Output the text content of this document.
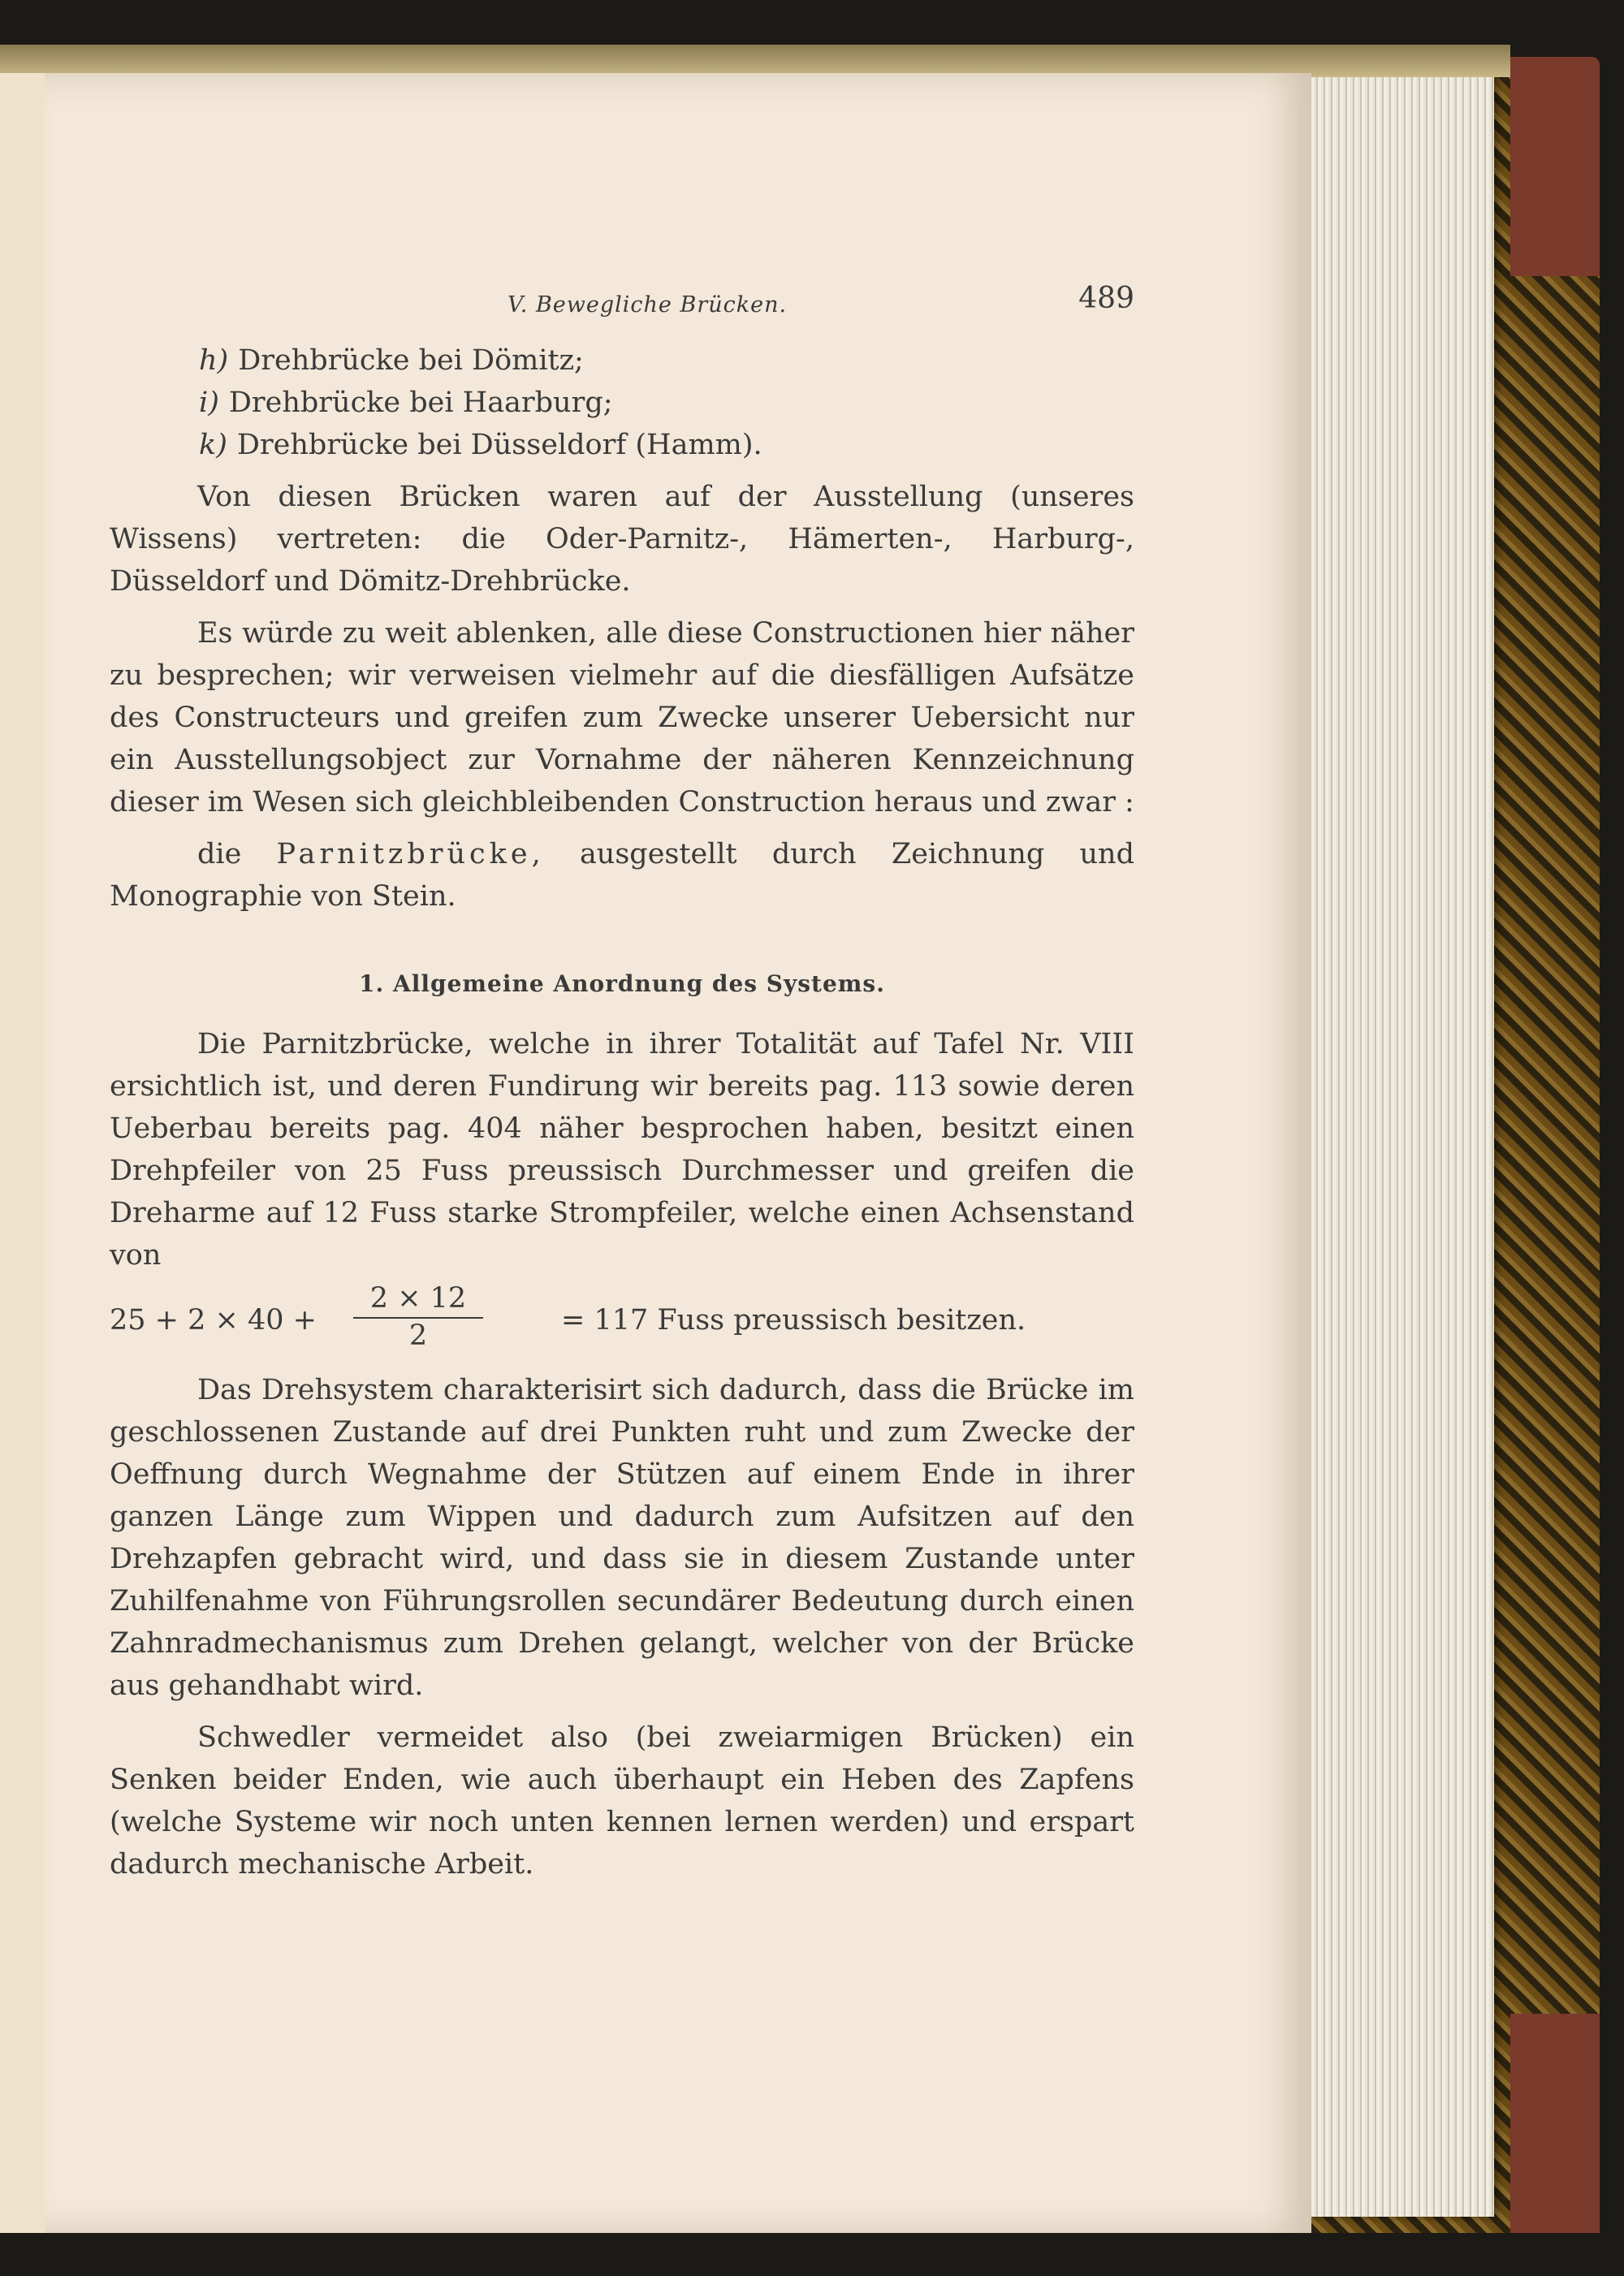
V. Bewegliche Brücken.	489
h) Drehbrücke bei Dömitz;
i) Drehbrücke bei Haarburg;
k) Drehbrücke bei Düsseldorf (Hamm).

Von diesen Brücken waren auf der Ausstellung (unseres Wissens) vertreten: die Oder-Parnitz-, Hämerten-, Harburg-, Düsseldorf und Dömitz-Drehbrücke.

Es würde zu weit ablenken, alle diese Constructionen hier näher zu besprechen; wir verweisen vielmehr auf die diesfälligen Aufsätze des Constructeurs und greifen zum Zwecke unserer Uebersicht nur ein Ausstellungsobject zur Vornahme der näheren Kennzeichnung dieser im Wesen sich gleichbleibenden Construction heraus und zwar :

die Parnitzbrücke, ausgestellt durch Zeichnung und Monographie von Stein.

1. Allgemeine Anordnung des Systems.

Die Parnitzbrücke, welche in ihrer Totalität auf Tafel Nr. VIII ersichtlich ist, und deren Fundirung wir bereits pag. 113 sowie deren Ueberbau bereits pag. 404 näher besprochen haben, besitzt einen Drehpfeiler von 25 Fuss preussisch Durchmesser und greifen die Dreharme auf 12 Fuss starke Strompfeiler, welche einen Achsenstand von

25 + 2 × 40 +
2 × 12
2	= 117 Fuss preussisch besitzen.

Das Drehsystem charakterisirt sich dadurch, dass die Brücke im geschlossenen Zustande auf drei Punkten ruht und zum Zwecke der Oeffnung durch Wegnahme der Stützen auf einem Ende in ihrer ganzen Länge zum Wippen und dadurch zum Aufsitzen auf den Drehzapfen gebracht wird, und dass sie in diesem Zustande unter Zuhilfenahme von Führungsrollen secundärer Bedeutung durch einen Zahnradmechanismus zum Drehen gelangt, welcher von der Brücke aus gehandhabt wird.

Schwedler vermeidet also (bei zweiarmigen Brücken) ein Senken beider Enden, wie auch überhaupt ein Heben des Zapfens (welche Systeme wir noch unten kennen lernen werden) und erspart dadurch mechanische Arbeit.
